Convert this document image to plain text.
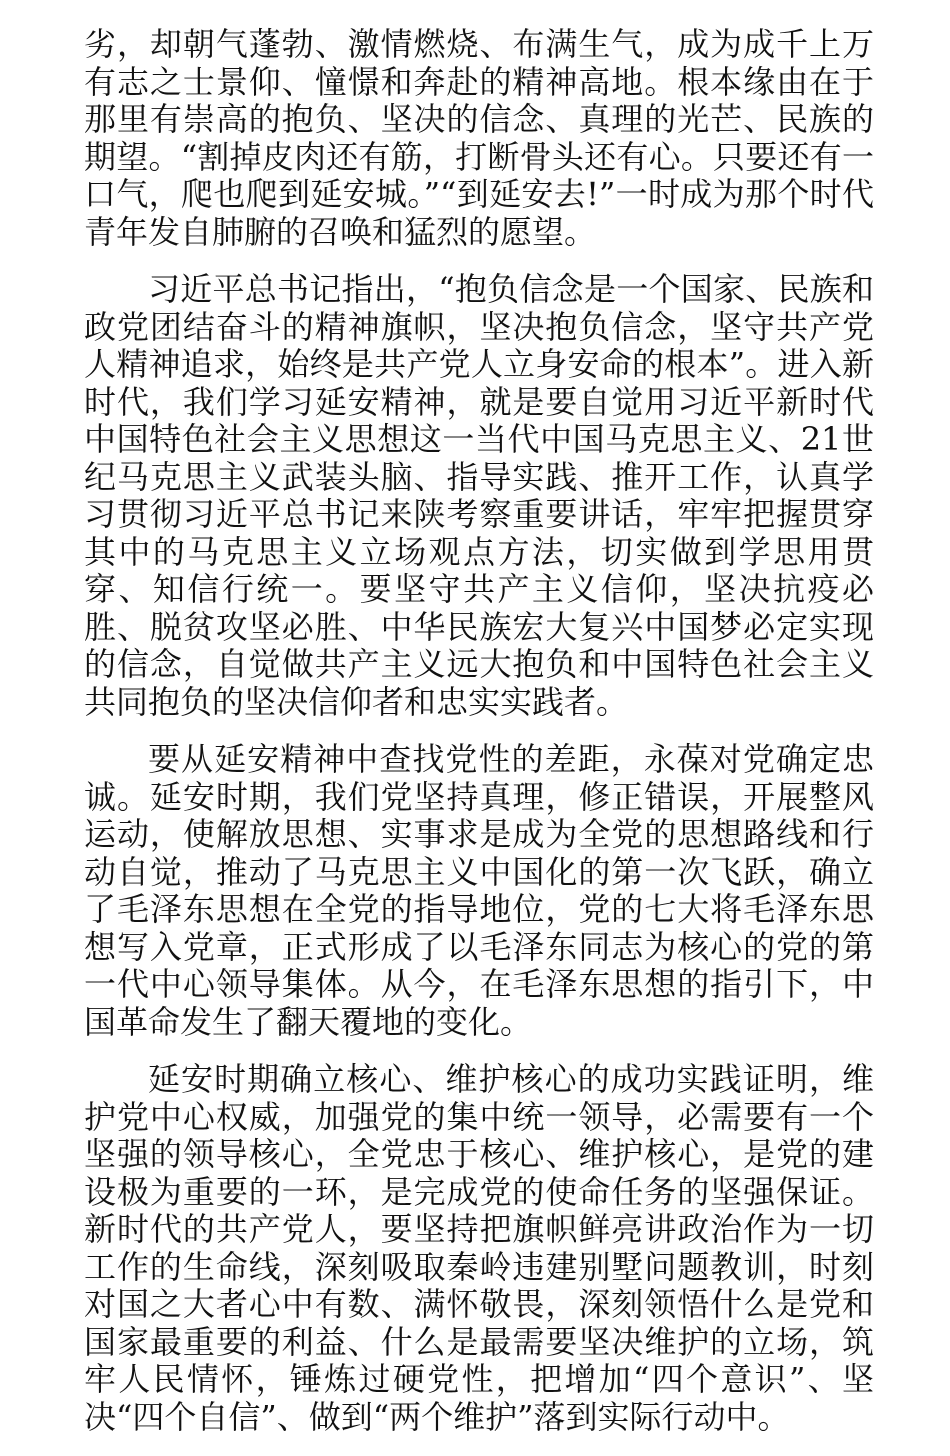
劣，却朝气蓬勃、激情燃烧、布满生气，成为成千上万有志之士景仰、憧憬和奔赴的精神高地。根本缘由在于那里有崇高的抱负、坚决的信念、真理的光芒、民族的期望。“割掉皮肉还有筋，打断骨头还有心。只要还有一口气，爬也爬到延安城。”“到延安去!”一时成为那个时代青年发自肺腑的召唤和猛烈的愿望。

习近平总书记指出，“抱负信念是一个国家、民族和政党团结奋斗的精神旗帜，坚决抱负信念，坚守共产党人精神追求，始终是共产党人立身安命的根本”。进入新时代，我们学习延安精神，就是要自觉用习近平新时代中国特色社会主义思想这一当代中国马克思主义、21世纪马克思主义武装头脑、指导实践、推开工作，认真学习贯彻习近平总书记来陕考察重要讲话，牢牢把握贯穿其中的马克思主义立场观点方法，切实做到学思用贯穿、知信行统一。要坚守共产主义信仰，坚决抗疫必胜、脱贫攻坚必胜、中华民族宏大复兴中国梦必定实现的信念，自觉做共产主义远大抱负和中国特色社会主义共同抱负的坚决信仰者和忠实实践者。

要从延安精神中查找党性的差距，永葆对党确定忠诚。延安时期，我们党坚持真理，修正错误，开展整风运动，使解放思想、实事求是成为全党的思想路线和行动自觉，推动了马克思主义中国化的第一次飞跃，确立了毛泽东思想在全党的指导地位，党的七大将毛泽东思想写入党章，正式形成了以毛泽东同志为核心的党的第一代中心领导集体。从今，在毛泽东思想的指引下，中国革命发生了翻天覆地的变化。

延安时期确立核心、维护核心的成功实践证明，维护党中心权威，加强党的集中统一领导，必需要有一个坚强的领导核心，全党忠于核心、维护核心，是党的建设极为重要的一环，是完成党的使命任务的坚强保证。新时代的共产党人，要坚持把旗帜鲜亮讲政治作为一切工作的生命线，深刻吸取秦岭违建别墅问题教训，时刻对国之大者心中有数、满怀敬畏，深刻领悟什么是党和国家最重要的利益、什么是最需要坚决维护的立场，筑牢人民情怀，锤炼过硬党性，把增加“四个意识”、坚决“四个自信”、做到“两个维护”落到实际行动中。
